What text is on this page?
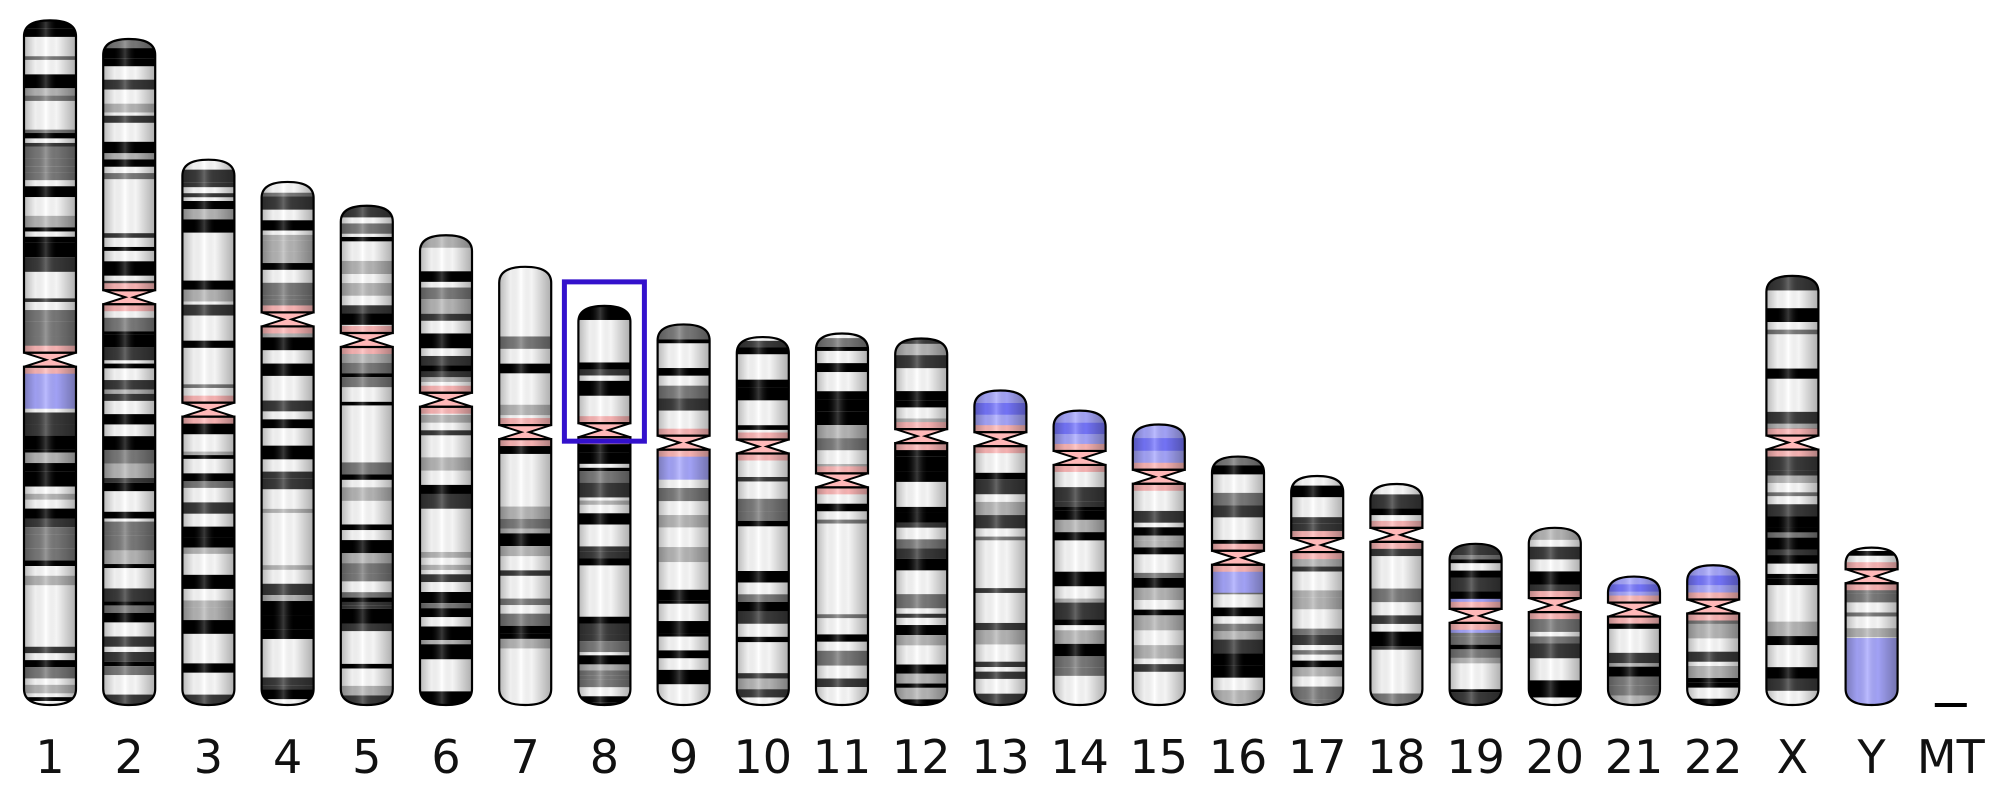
1 2 3 4 5 6 7 8 9 10 11 12 13 14 15 16 17 18 19 20 21 22 X Y MT
